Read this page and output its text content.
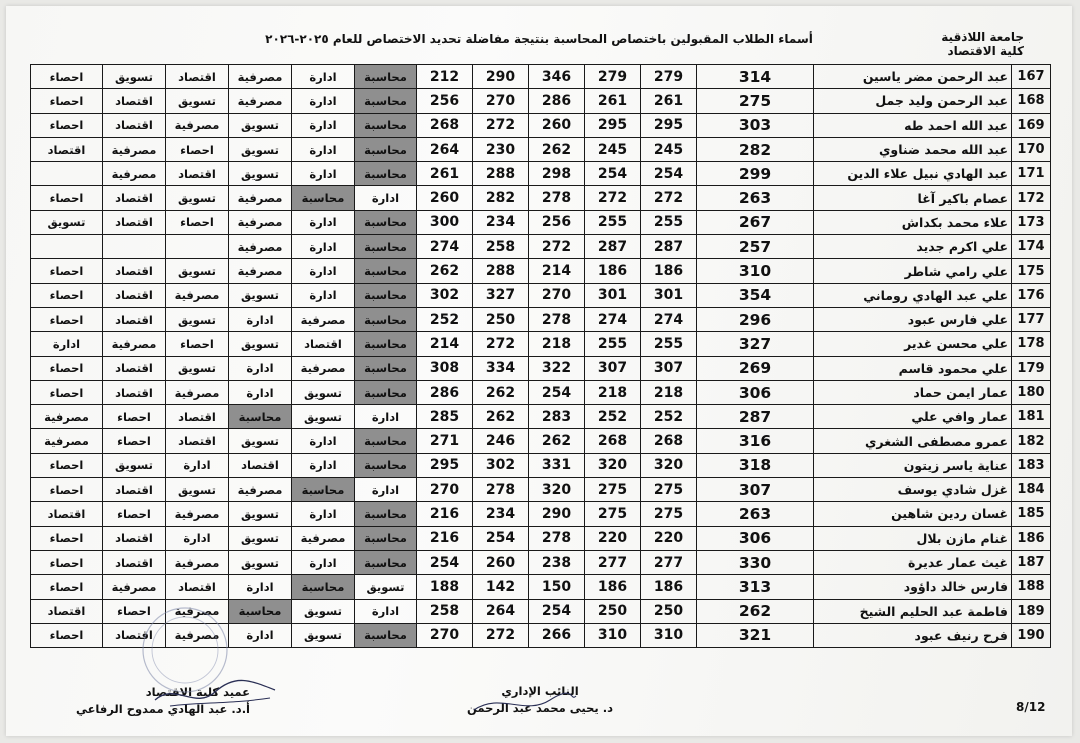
جامعة اللاذقية
كلية الاقتصاد
أسماء الطلاب المقبولين باختصاص المحاسبة بنتيجة مفاضلة تحديد الاختصاص للعام ٢٠٢٥-٢٠٢٦
167	عبد الرحمن مضر ياسين	314	279	279	346	290	212	محاسبة	ادارة	مصرفية	اقتصاد	تسويق	احصاء
168	عبد الرحمن وليد جمل	275	261	261	286	270	256	محاسبة	ادارة	مصرفية	تسويق	اقتصاد	احصاء
169	عبد الله احمد طه	303	295	295	260	272	268	محاسبة	ادارة	تسويق	مصرفية	اقتصاد	احصاء
170	عبد الله محمد ضناوي	282	245	245	262	230	264	محاسبة	ادارة	تسويق	احصاء	مصرفية	اقتصاد
171	عبد الهادي نبيل علاء الدين	299	254	254	298	288	261	محاسبة	ادارة	تسويق	اقتصاد	مصرفية	
172	عصام باكير آغا	263	272	272	278	282	260	ادارة	محاسبة	مصرفية	تسويق	اقتصاد	احصاء
173	علاء محمد بكداش	267	255	255	256	234	300	محاسبة	ادارة	مصرفية	احصاء	اقتصاد	تسويق
174	علي اكرم جديد	257	287	287	272	258	274	محاسبة	ادارة	مصرفية			
175	علي رامي شاطر	310	186	186	214	288	262	محاسبة	ادارة	مصرفية	تسويق	اقتصاد	احصاء
176	علي عبد الهادي روماني	354	301	301	270	327	302	محاسبة	ادارة	تسويق	مصرفية	اقتصاد	احصاء
177	علي فارس عبود	296	274	274	278	250	252	محاسبة	مصرفية	ادارة	تسويق	اقتصاد	احصاء
178	علي محسن غدير	327	255	255	218	272	214	محاسبة	اقتصاد	تسويق	احصاء	مصرفية	ادارة
179	علي محمود قاسم	269	307	307	322	334	308	محاسبة	مصرفية	ادارة	تسويق	اقتصاد	احصاء
180	عمار ايمن حماد	306	218	218	254	262	286	محاسبة	تسويق	ادارة	مصرفية	اقتصاد	احصاء
181	عمار وافي علي	287	252	252	283	262	285	ادارة	تسويق	محاسبة	اقتصاد	احصاء	مصرفية
182	عمرو مصطفى الشغري	316	268	268	262	246	271	محاسبة	ادارة	تسويق	اقتصاد	احصاء	مصرفية
183	عناية ياسر زيتون	318	320	320	331	302	295	محاسبة	ادارة	اقتصاد	ادارة	تسويق	احصاء
184	غزل شادي يوسف	307	275	275	320	278	270	ادارة	محاسبة	مصرفية	تسويق	اقتصاد	احصاء
185	غسان ردين شاهين	263	275	275	290	234	216	محاسبة	ادارة	تسويق	مصرفية	احصاء	اقتصاد
186	غنام مازن بلال	306	220	220	278	254	216	محاسبة	مصرفية	تسويق	ادارة	اقتصاد	احصاء
187	غيث عمار عديرة	330	277	277	238	260	254	محاسبة	ادارة	تسويق	مصرفية	اقتصاد	احصاء
188	فارس خالد داؤود	313	186	186	150	142	188	تسويق	محاسبة	ادارة	اقتصاد	مصرفية	احصاء
189	فاطمة عبد الحليم الشيخ	262	250	250	254	264	258	ادارة	تسويق	محاسبة	مصرفية	احصاء	اقتصاد
190	فرح رنيف عبود	321	310	310	266	272	270	محاسبة	تسويق	ادارة	مصرفية	اقتصاد	احصاء
النائب الإداري
د. يحيى محمد عبد الرحمن
عميد كلية الاقتصاد
أ.د. عبد الهادي ممدوح الرفاعي	8/12
